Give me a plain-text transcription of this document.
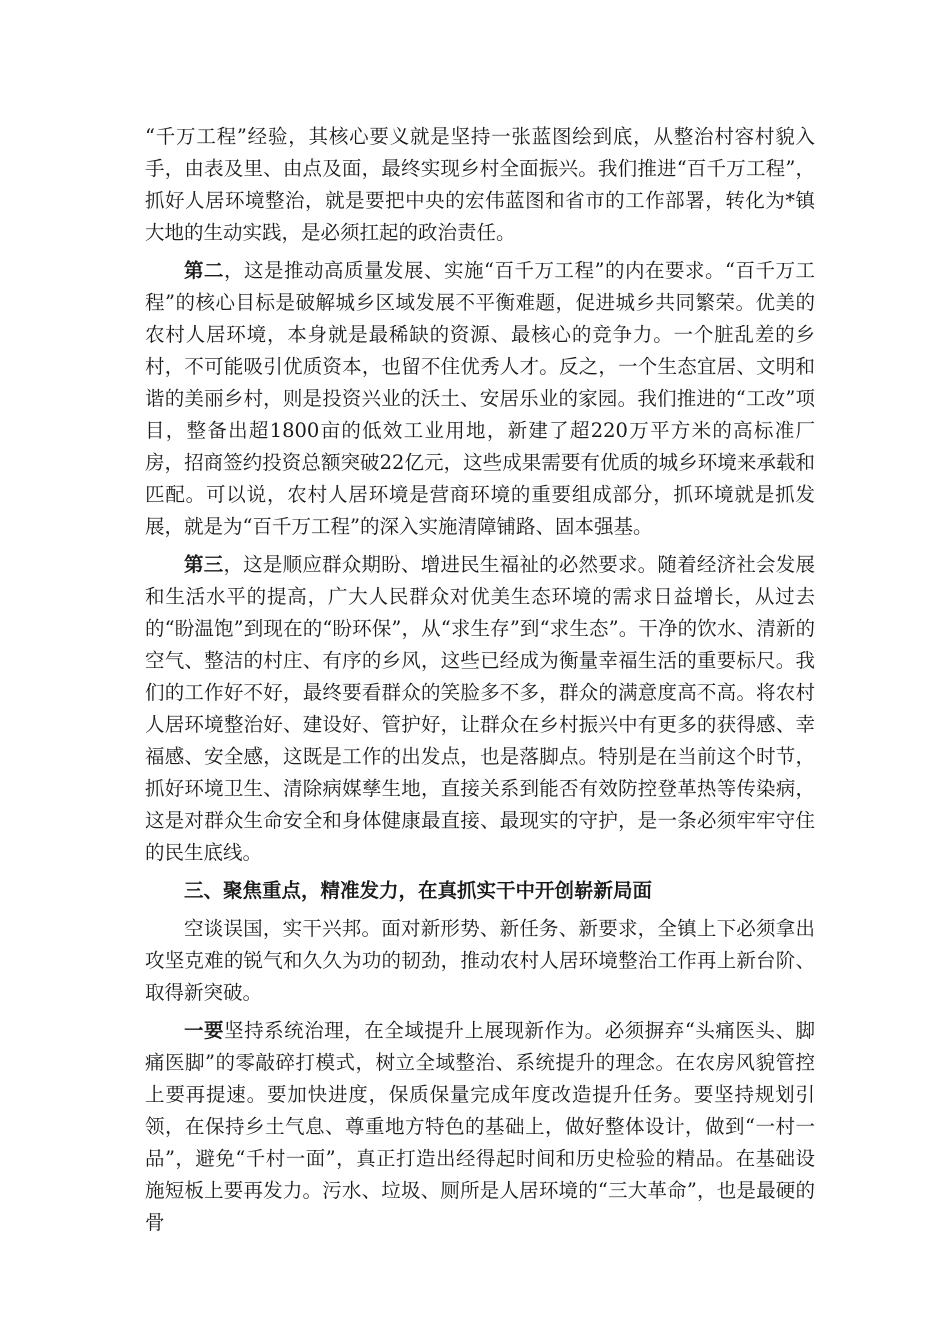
“千万工程”经验，其核心要义就是坚持一张蓝图绘到底，从整治村容村貌入手，由表及里、由点及面，最终实现乡村全面振兴。我们推进“百千万工程”，抓好人居环境整治，就是要把中央的宏伟蓝图和省市的工作部署，转化为*镇大地的生动实践，是必须扛起的政治责任。

第二，这是推动高质量发展、实施“百千万工程”的内在要求。“百千万工程”的核心目标是破解城乡区域发展不平衡难题，促进城乡共同繁荣。优美的农村人居环境，本身就是最稀缺的资源、最核心的竞争力。一个脏乱差的乡村，不可能吸引优质资本，也留不住优秀人才。反之，一个生态宜居、文明和谐的美丽乡村，则是投资兴业的沃土、安居乐业的家园。我们推进的“工改”项目，整备出超1800亩的低效工业用地，新建了超220万平方米的高标准厂房，招商签约投资总额突破22亿元，这些成果需要有优质的城乡环境来承载和匹配。可以说，农村人居环境是营商环境的重要组成部分，抓环境就是抓发展，就是为“百千万工程”的深入实施清障铺路、固本强基。

第三，这是顺应群众期盼、增进民生福祉的必然要求。随着经济社会发展和生活水平的提高，广大人民群众对优美生态环境的需求日益增长，从过去的“盼温饱”到现在的“盼环保”，从“求生存”到“求生态”。干净的饮水、清新的空气、整洁的村庄、有序的乡风，这些已经成为衡量幸福生活的重要标尺。我们的工作好不好，最终要看群众的笑脸多不多，群众的满意度高不高。将农村人居环境整治好、建设好、管护好，让群众在乡村振兴中有更多的获得感、幸福感、安全感，这既是工作的出发点，也是落脚点。特别是在当前这个时节，抓好环境卫生、清除病媒孳生地，直接关系到能否有效防控登革热等传染病，这是对群众生命安全和身体健康最直接、最现实的守护，是一条必须牢牢守住的民生底线。

三、聚焦重点，精准发力，在真抓实干中开创崭新局面

空谈误国，实干兴邦。面对新形势、新任务、新要求，全镇上下必须拿出攻坚克难的锐气和久久为功的韧劲，推动农村人居环境整治工作再上新台阶、取得新突破。

一要坚持系统治理，在全域提升上展现新作为。必须摒弃“头痛医头、脚痛医脚”的零敲碎打模式，树立全域整治、系统提升的理念。在农房风貌管控上要再提速。要加快进度，保质保量完成年度改造提升任务。要坚持规划引领，在保持乡土气息、尊重地方特色的基础上，做好整体设计，做到“一村一品”，避免“千村一面”，真正打造出经得起时间和历史检验的精品。在基础设施短板上要再发力。污水、垃圾、厕所是人居环境的“三大革命”，也是最硬的骨
